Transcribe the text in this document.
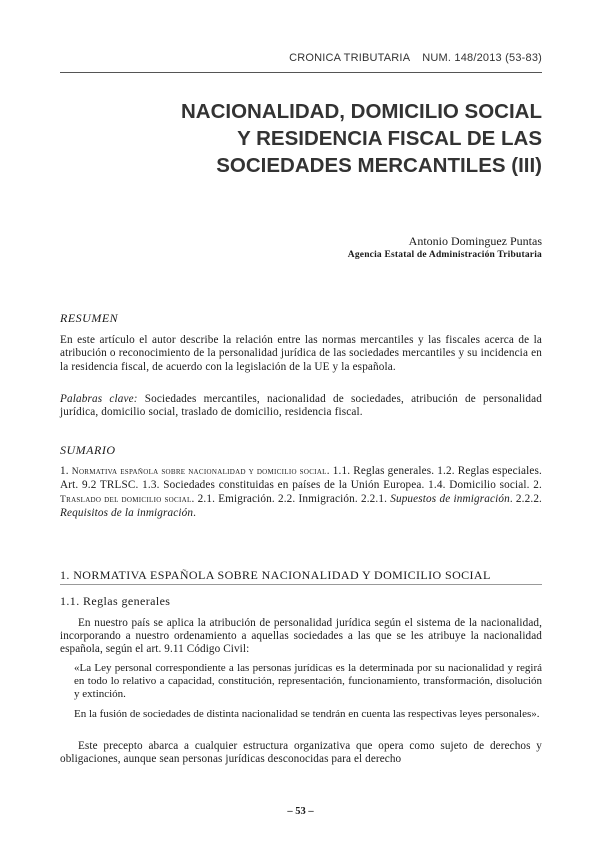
CRONICA TRIBUTARIA NUM. 148/2013 (53-83)
NACIONALIDAD, DOMICILIO SOCIAL
Y RESIDENCIA FISCAL DE LAS
SOCIEDADES MERCANTILES (III)
Antonio Dominguez Puntas
Agencia Estatal de Administración Tributaria
RESUMEN
En este artículo el autor describe la relación entre las normas mercantiles y las fiscales acerca de la atribución o reconocimiento de la personalidad jurídica de las sociedades mercantiles y su incidencia en la residencia fiscal, de acuerdo con la legislación de la UE y la española.
Palabras clave: Sociedades mercantiles, nacionalidad de sociedades, atribución de personalidad jurídica, domicilio social, traslado de domicilio, residencia fiscal.
SUMARIO
1. Normativa española sobre nacionalidad y domicilio social. 1.1. Reglas generales. 1.2. Reglas especiales. Art. 9.2 TRLSC. 1.3. Sociedades constituidas en países de la Unión Europea. 1.4. Domicilio social. 2. Traslado del domicilio social. 2.1. Emigración. 2.2. Inmigración. 2.2.1. Supuestos de inmigración. 2.2.2. Requisitos de la inmigración.
1. NORMATIVA ESPAÑOLA SOBRE NACIONALIDAD Y DOMICILIO SOCIAL
1.1. Reglas generales
En nuestro país se aplica la atribución de personalidad jurídica según el sistema de la nacionalidad, incorporando a nuestro ordenamiento a aquellas sociedades a las que se les atribuye la nacionalidad española, según el art. 9.11 Código Civil:
«La Ley personal correspondiente a las personas jurídicas es la determinada por su nacionalidad y regirá en todo lo relativo a capacidad, constitución, representación, funcionamiento, transformación, disolución y extinción.
En la fusión de sociedades de distinta nacionalidad se tendrán en cuenta las respectivas leyes personales».
Este precepto abarca a cualquier estructura organizativa que opera como sujeto de derechos y obligaciones, aunque sean personas jurídicas desconocidas para el derecho
– 53 –
